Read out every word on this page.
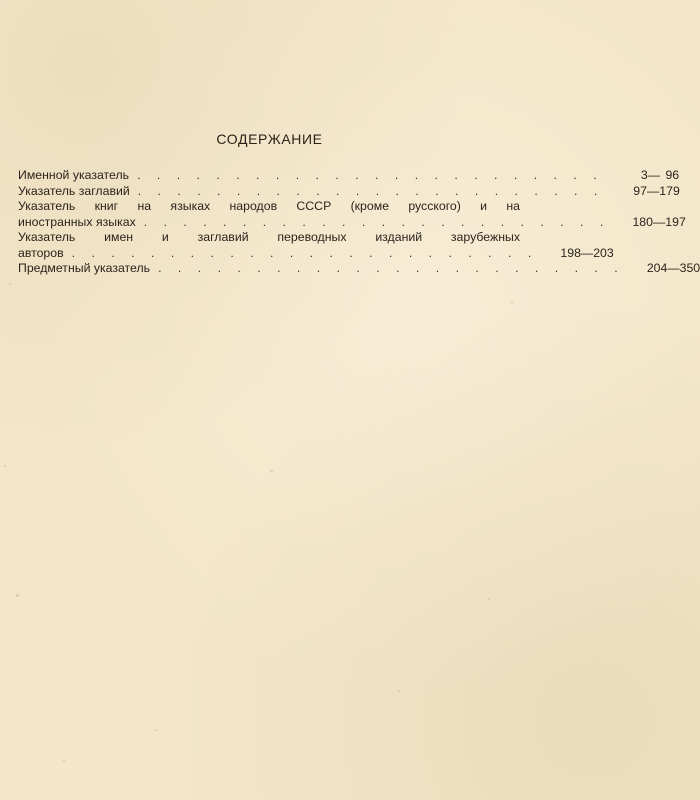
СОДЕРЖАНИЕ
Именной указатель . . . . . . . . . . . . . . . . . . . . . . . .	3— 96
Указатель заглавий . . . . . . . . . . . . . . . . . . . . . . . .	97—179
Указатель книг на языках народов СССР (кроме русского) и на
иностранных языках . . . . . . . . . . . . . . . . . . . . . . . .	180—197
Указатель имен и заглавий переводных изданий зарубежных
авторов . . . . . . . . . . . . . . . . . . . . . . . .	198—203
Предметный указатель . . . . . . . . . . . . . . . . . . . . . . . .	204—350
